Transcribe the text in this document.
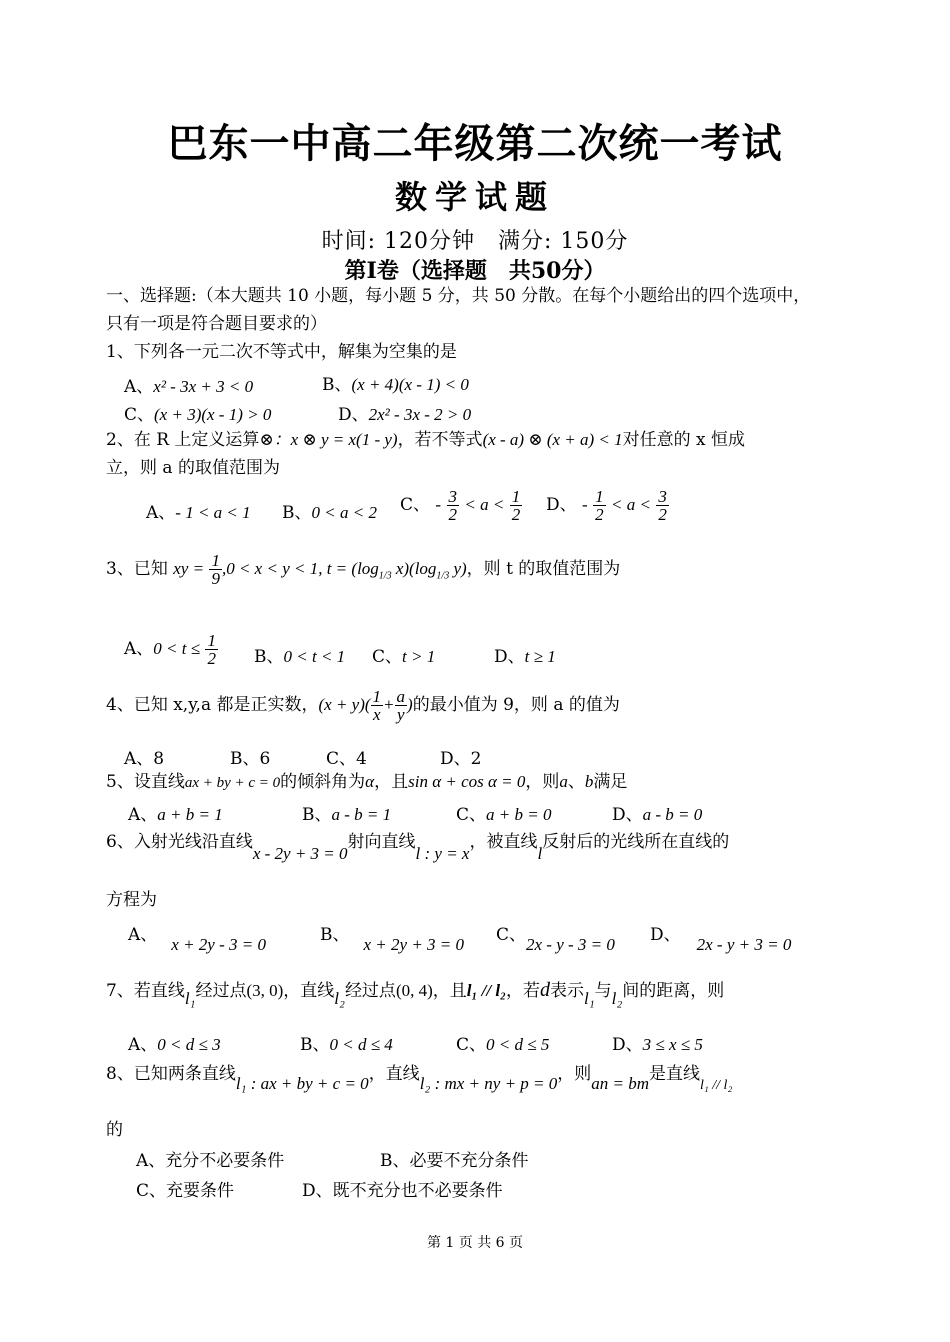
巴东一中高二年级第二次统一考试
数学试题
时间: 120分钟　满分: 150分
第Ⅰ卷（选择题　共50分）
一、选择题:（本大题共 10 小题，每小题 5 分，共 50 分散。在每个小题给出的四个选项中，
只有一项是符合题目要求的）
1、下列各一元二次不等式中，解集为空集的是
A、x² - 3x + 3 < 0	B、(x + 4)(x - 1) < 0
C、(x + 3)(x - 1) > 0	D、2x² - 3x - 2 > 0
2、在 R 上定义运算⊗：x ⊗ y = x(1 - y)，若不等式(x - a) ⊗ (x + a) < 1对任意的 x 恒成
立，则 a 的取值范围为
A、- 1 < a < 1 B、0 < a < 2 C、 - $\frac{3}{2} < a < \frac{1}{2}$ D、 - $\frac{1}{2} < a < \frac{3}{2}$
3、已知 xy = $\frac{1}{9} ,0 < x < y < 1$, $t = (\log_{1/3}$ $x)(\log_{1/3}$ y)，则 t 的取值范围为
A、$0 < t \le \frac{1}{2}$ B、0 < t < 1 C、t > 1	D、t ≥ 1
4、已知 x,y,a 都是正实数，$(x + y)( \frac{1}{x} + \frac{a}{y}$ )的最小值为 9，则 a 的值为
A、8	B、6	C、4	D、2
5、设直线ax + by + c = 0的倾斜角为α，且sin α + cos α = 0，则a、b满足
A、a + b = 1	B、a - b = 1	C、a + b = 0	D、a - b = 0
6、入射光线沿直线x - 2y + 3 = 0射向直线l : y = x，被直线l反射后的光线所在直线的
方程为
A、 x + 2y - 3 = 0	B、 x + 2y + 3 = 0 C、2x - y - 3 = 0 D、 2x - y + 3 = 0
7、若直线l₁经过点(3, 0)，直线l₂经过点(0, 4)，且l₁ // l₂，若d表示l₁与l₂间的距离，则
A、0 < d ≤ 3	B、0 < d ≤ 4	C、0 < d ≤ 5	D、3 ≤ x ≤ 5
8、已知两条直线l₁ : ax + by + c = 0，直线l₂ : mx + ny + p = 0，则an = bm是直线$_{l_1 // l_2}$
的
A、充分不必要条件	B、必要不充分条件
C、充要条件	D、既不充分也不必要条件
第 1 页 共 6 页
